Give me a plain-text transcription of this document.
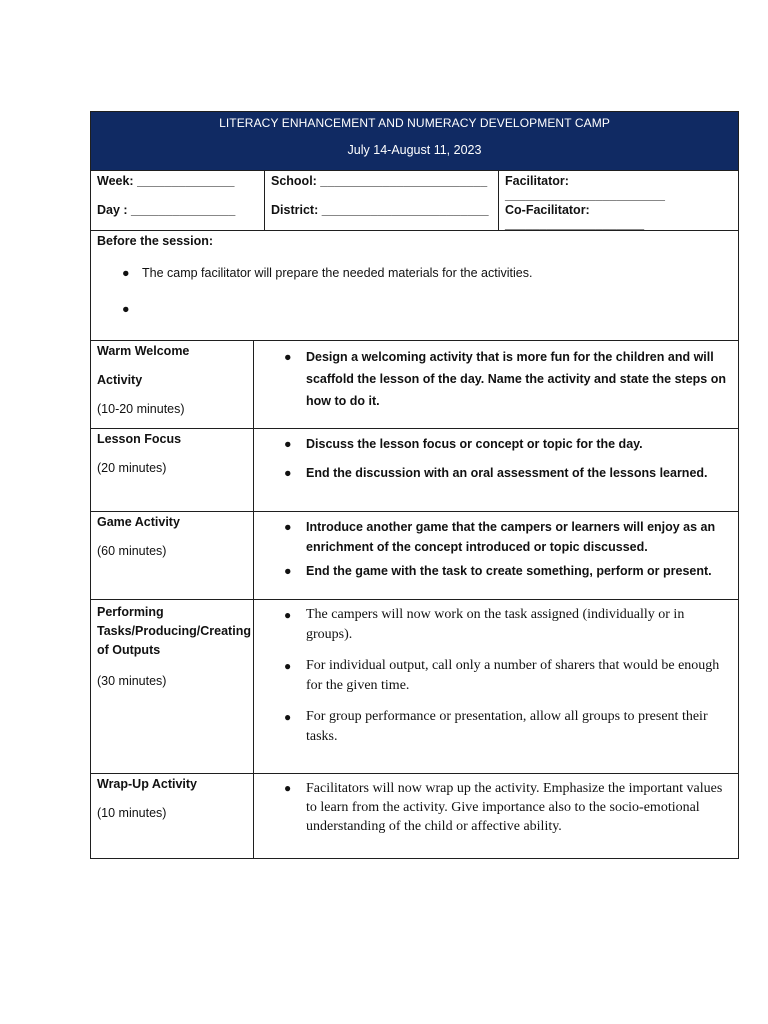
LITERACY ENHANCEMENT AND NUMERACY DEVELOPMENT CAMP
July 14-August 11, 2023
Week: ______________
Day : _______________
School: ________________________
District: ________________________
Facilitator: _______________________
Co-Facilitator: ____________________
Before the session:
● The camp facilitator will prepare the needed materials for the activities.
●
Warm Welcome
Activity
(10-20 minutes)
● Design a welcoming activity that is more fun for the children and will scaffold the lesson of the day. Name the activity and state the steps on how to do it.
Lesson Focus
(20 minutes)
● Discuss the lesson focus or concept or topic for the day.
● End the discussion with an oral assessment of the lessons learned.
Game Activity
(60 minutes)
● Introduce another game that the campers or learners will enjoy as an enrichment of the concept introduced or topic discussed.
● End the game with the task to create something, perform or present.
Performing
Tasks/Producing/Creating
of Outputs
(30 minutes)
● The campers will now work on the task assigned (individually or in groups).
● For individual output, call only a number of sharers that would be enough for the given time.
● For group performance or presentation, allow all groups to present their tasks.
Wrap-Up Activity
(10 minutes)
● Facilitators will now wrap up the activity. Emphasize the important values to learn from the activity. Give importance also to the socio-emotional understanding of the child or affective ability.
